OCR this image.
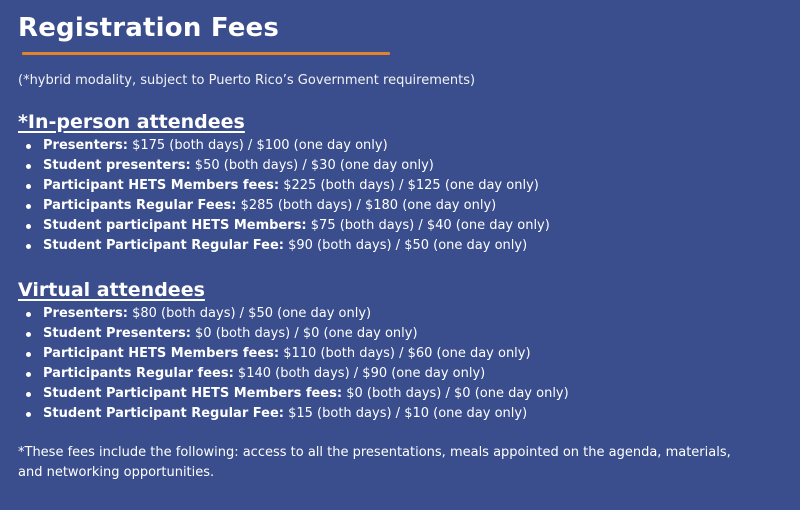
Registration Fees

(*hybrid modality, subject to Puerto Rico’s Government requirements)

*In-person attendees
Presenters: $175 (both days) / $100 (one day only)
Student presenters: $50 (both days) / $30 (one day only)
Participant HETS Members fees: $225 (both days) / $125 (one day only)
Participants Regular Fees: $285 (both days) / $180 (one day only)
Student participant HETS Members: $75 (both days) / $40 (one day only)
Student Participant Regular Fee: $90 (both days) / $50 (one day only)
Virtual attendees
Presenters: $80 (both days) / $50 (one day only)
Student Presenters: $0 (both days) / $0 (one day only)
Participant HETS Members fees: $110 (both days) / $60 (one day only)
Participants Regular fees: $140 (both days) / $90 (one day only)
Student Participant HETS Members fees: $0 (both days) / $0 (one day only)
Student Participant Regular Fee: $15 (both days) / $10 (one day only)

*These fees include the following: access to all the presentations, meals appointed on the agenda, materials, and networking opportunities.
